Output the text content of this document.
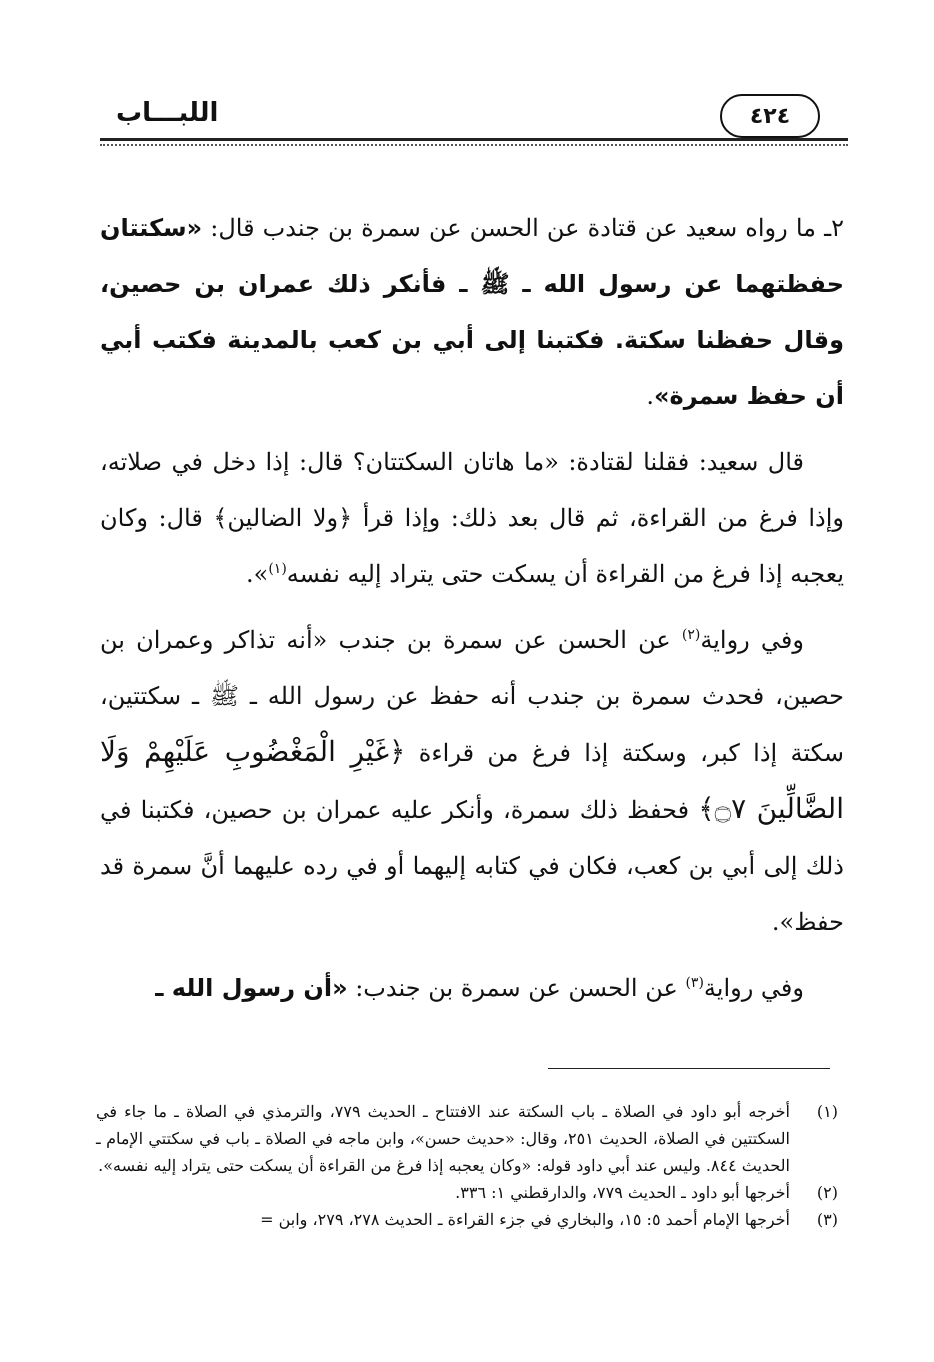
اللبـــاب	٤٢٤

٢ـ ما رواه سعيد عن قتادة عن الحسن عن سمرة بن جندب قال: «سكتتان حفظتهما عن رسول الله ـ ﷺ ـ فأنكر ذلك عمران بن حصين، وقال حفظنا سكتة. فكتبنا إلى أبي بن كعب بالمدينة فكتب أبي أن حفظ سمرة».

قال سعيد: فقلنا لقتادة: «ما هاتان السكتتان؟ قال: إذا دخل في صلاته، وإذا فرغ من القراءة، ثم قال بعد ذلك: وإذا قرأ ﴿ولا الضالين﴾ قال: وكان يعجبه إذا فرغ من القراءة أن يسكت حتى يتراد إليه نفسه$^{(١)}$».

وفي رواية$^{(٢)}$ عن الحسن عن سمرة بن جندب «أنه تذاكر وعمران بن حصين، فحدث سمرة بن جندب أنه حفظ عن رسول الله ـ ﷺ ـ سكتتين، سكتة إذا كبر، وسكتة إذا فرغ من قراءة ﴿غَيْرِ الْمَغْضُوبِ عَلَيْهِمْ وَلَا الضَّالِّينَ ۝٧﴾ فحفظ ذلك سمرة، وأنكر عليه عمران بن حصين، فكتبنا في ذلك إلى أبي بن كعب، فكان في كتابه إليهما أو في رده عليهما أنَّ سمرة قد حفظ».

وفي رواية$^{(٣)}$ عن الحسن عن سمرة بن جندب: «أن رسول الله ـ

(١)
أخرجه أبو داود في الصلاة ـ باب السكتة عند الافتتاح ـ الحديث ٧٧٩، والترمذي في الصلاة ـ ما جاء في السكتتين في الصلاة، الحديث ٢٥١، وقال: «حديث حسن»، وابن ماجه في الصلاة ـ باب في سكتتي الإمام ـ الحديث ٨٤٤. وليس عند أبي داود قوله: «وكان يعجبه إذا فرغ من القراءة أن يسكت حتى يتراد إليه نفسه».

(٢)
أخرجها أبو داود ـ الحديث ٧٧٩، والدارقطني ١: ٣٣٦.

(٣)
أخرجها الإمام أحمد ٥: ١٥، والبخاري في جزء القراءة ـ الحديث ٢٧٨، ٢٧٩، وابن =
